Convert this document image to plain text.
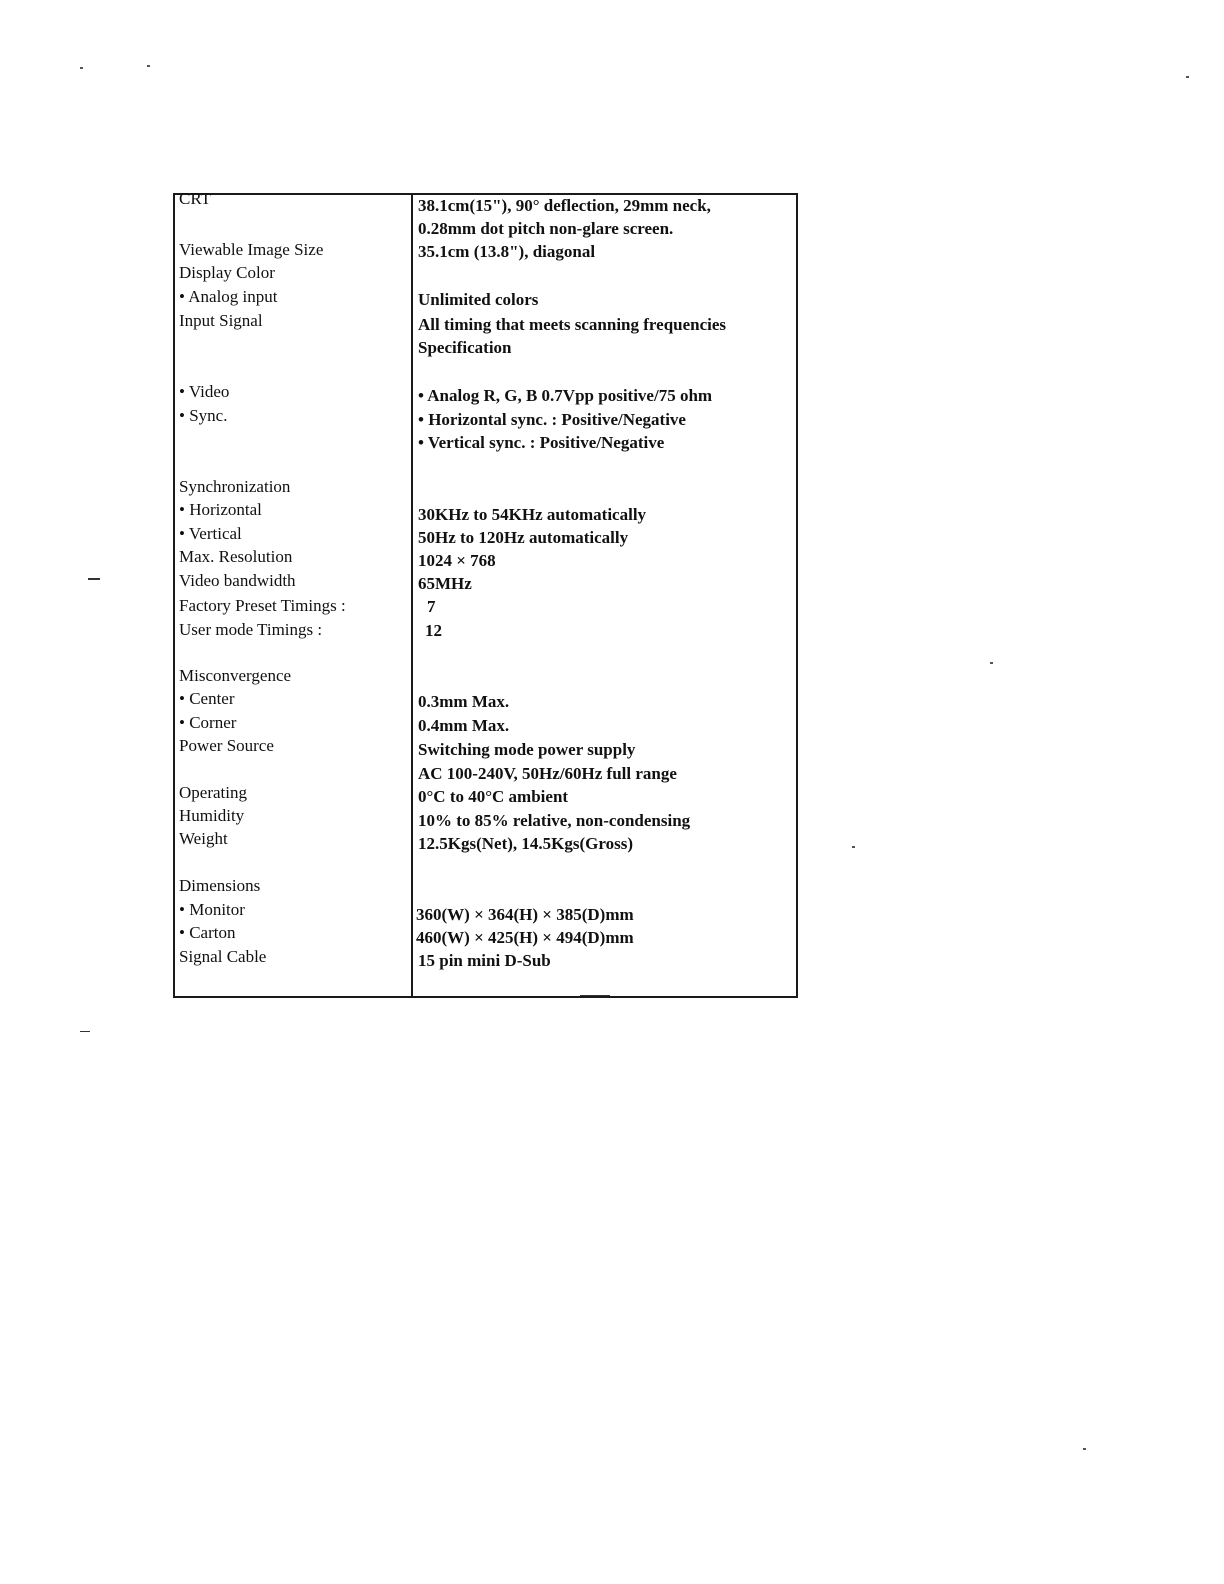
CRT
Viewable Image Size
Display Color
• Analog input
Input Signal
• Video
• Sync.
Synchronization
• Horizontal
• Vertical
Max. Resolution
Video bandwidth
Factory Preset Timings :
User mode Timings :
Misconvergence
• Center
• Corner
Power Source
Operating
Humidity
Weight
Dimensions
• Monitor
• Carton
Signal Cable
38.1cm(15"), 90° deflection, 29mm neck,
0.28mm dot pitch non-glare screen.
35.1cm (13.8"), diagonal
Unlimited colors
All timing that meets scanning frequencies
Specification
• Analog R, G, B 0.7Vpp positive/75 ohm
• Horizontal sync. : Positive/Negative
• Vertical sync. : Positive/Negative
30KHz to 54KHz automatically
50Hz to 120Hz automatically
1024 × 768
65MHz
7
12
0.3mm Max.
0.4mm Max.
Switching mode power supply
AC 100-240V, 50Hz/60Hz full range
0°C to 40°C ambient
10% to 85% relative, non-condensing
12.5Kgs(Net), 14.5Kgs(Gross)
360(W) × 364(H) × 385(D)mm
460(W) × 425(H) × 494(D)mm
15 pin mini D-Sub
